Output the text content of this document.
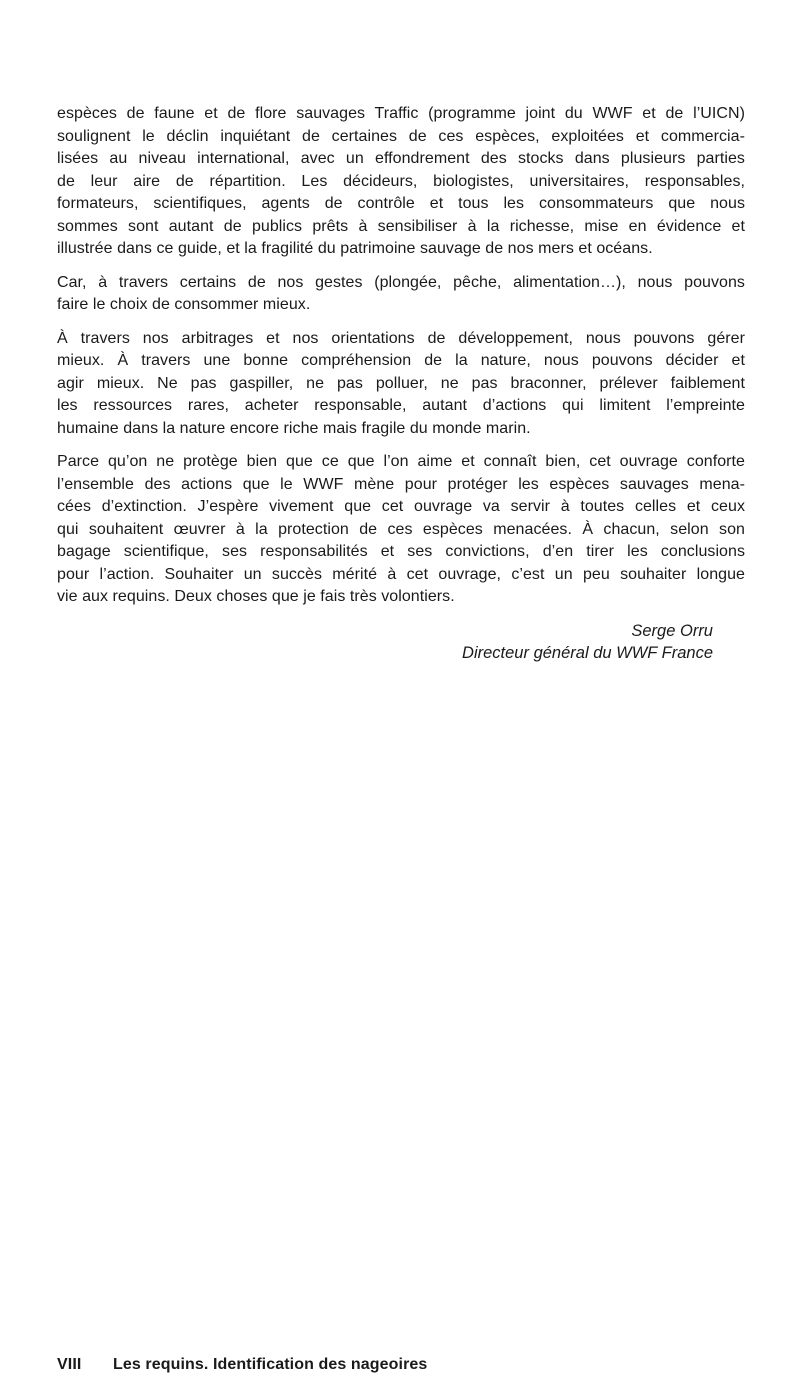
espèces de faune et de flore sauvages Traffic (programme joint du WWF et de l’UICN)
soulignent le déclin inquiétant de certaines de ces espèces, exploitées et commercia-
lisées au niveau international, avec un effondrement des stocks dans plusieurs parties
de leur aire de répartition. Les décideurs, biologistes, universitaires, responsables,
formateurs, scientifiques, agents de contrôle et tous les consommateurs que nous
sommes sont autant de publics prêts à sensibiliser à la richesse, mise en évidence et
illustrée dans ce guide, et la fragilité du patrimoine sauvage de nos mers et océans.

Car, à travers certains de nos gestes (plongée, pêche, alimentation…), nous pouvons
faire le choix de consommer mieux.

À travers nos arbitrages et nos orientations de développement, nous pouvons gérer
mieux. À travers une bonne compréhension de la nature, nous pouvons décider et
agir mieux. Ne pas gaspiller, ne pas polluer, ne pas braconner, prélever faiblement
les ressources rares, acheter responsable, autant d’actions qui limitent l’empreinte
humaine dans la nature encore riche mais fragile du monde marin.

Parce qu’on ne protège bien que ce que l’on aime et connaît bien, cet ouvrage conforte
l’ensemble des actions que le WWF mène pour protéger les espèces sauvages mena-
cées d’extinction. J’espère vivement que cet ouvrage va servir à toutes celles et ceux
qui souhaitent œuvrer à la protection de ces espèces menacées. À chacun, selon son
bagage scientifique, ses responsabilités et ses convictions, d’en tirer les conclusions
pour l’action. Souhaiter un succès mérité à cet ouvrage, c’est un peu souhaiter longue
vie aux requins. Deux choses que je fais très volontiers.

Serge Orru
Directeur général du WWF France
VIII	Les requins. Identification des nageoires
